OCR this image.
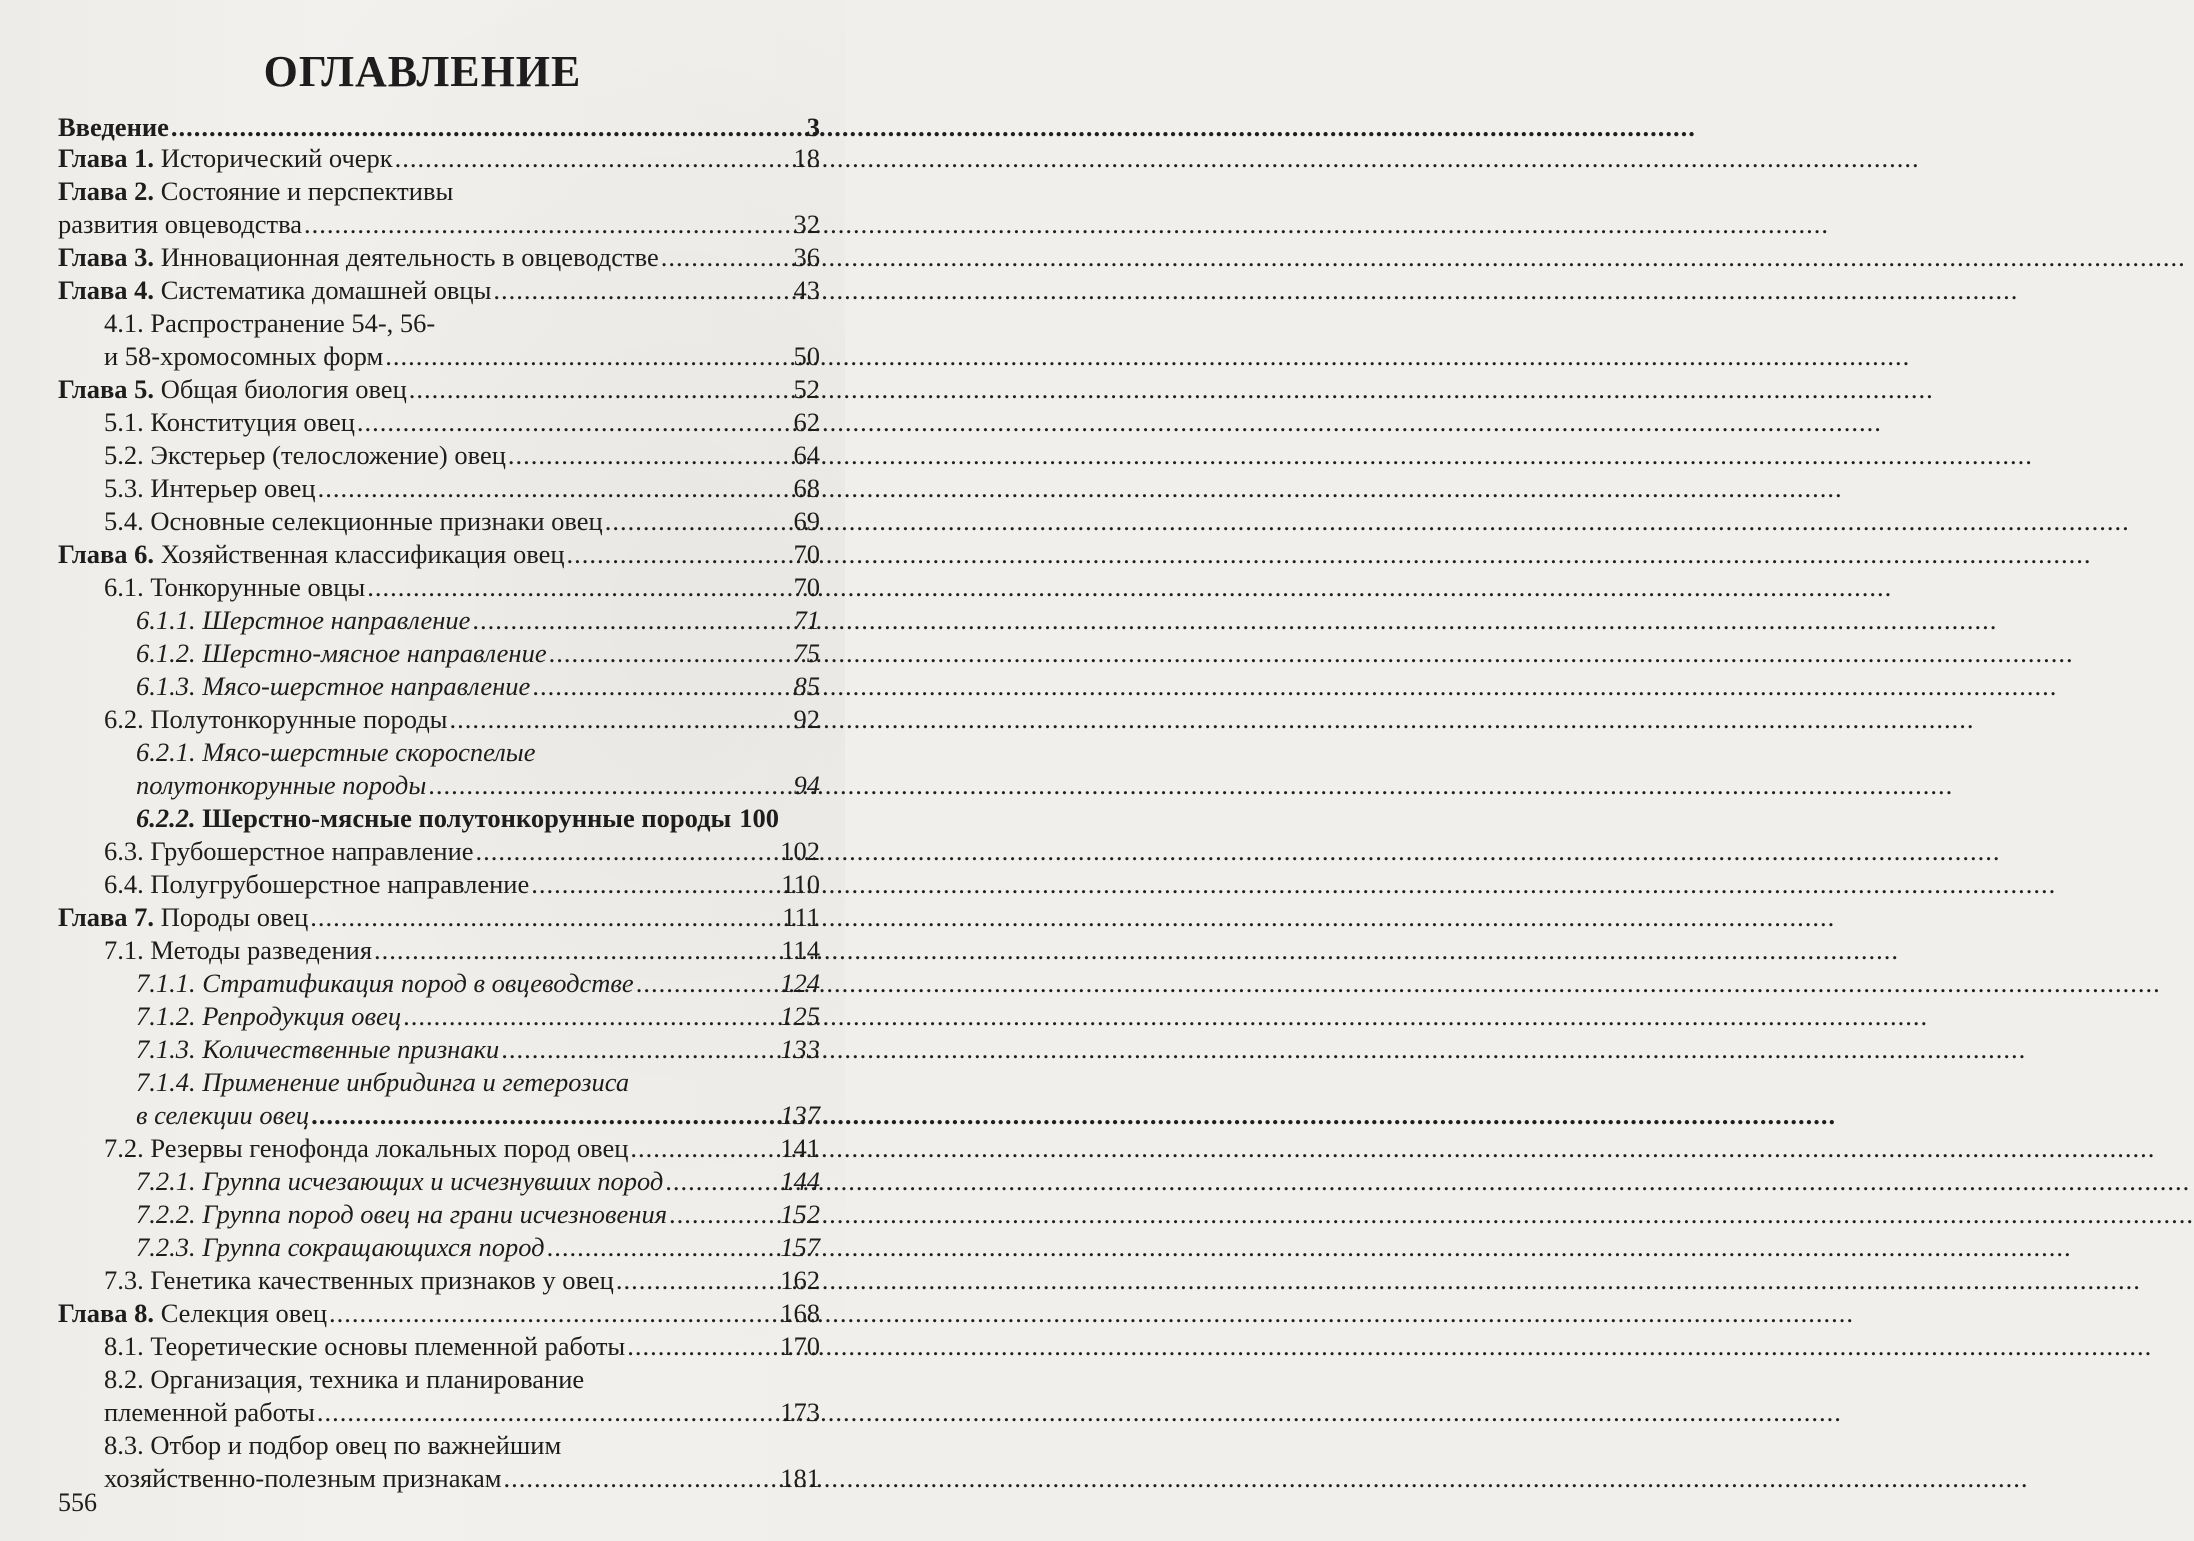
ОГЛАВЛЕНИЕ
Введение .....	3
Глава 1. Исторический очерк .....	18
Глава 2. Состояние и перспективы
развития овцеводства .....	32
Глава 3. Инновационная деятельность в овцеводстве .....	36
Глава 4. Систематика домашней овцы .....	43
4.1. Распространение 54-, 56-
и 58-хромосомных форм .....	50
Глава 5. Общая биология овец .....	52
5.1. Конституция овец .....	62
5.2. Экстерьер (телосложение) овец .....	64
5.3. Интерьер овец .....	68
5.4. Основные селекционные признаки овец .....	69
Глава 6. Хозяйственная классификация овец .....	70
6.1. Тонкорунные овцы .....	70
6.1.1. Шерстное направление .....	71
6.1.2. Шерстно-мясное направление .....	75
6.1.3. Мясо-шерстное направление .....	85
6.2. Полутонкорунные породы .....	92
6.2.1. Мясо-шерстные скороспелые
полутонкорунные породы .....	94
6.2.2. Шерстно-мясные полутонкорунные породы 100
6.3. Грубошерстное направление .....	102
6.4. Полугрубошерстное направление .....	110
Глава 7. Породы овец .....	111
7.1. Методы разведения .....	114
7.1.1. Стратификация пород в овцеводстве .....	124
7.1.2. Репродукция овец .....	125
7.1.3. Количественные признаки .....	133
7.1.4. Применение инбридинга и гетерозиса
в селекции овец .....	137
7.2. Резервы генофонда локальных пород овец .....	141
7.2.1. Группа исчезающих и исчезнувших пород .....	144
7.2.2. Группа пород овец на грани исчезновения .....	152
7.2.3. Группа сокращающихся пород .....	157
7.3. Генетика качественных признаков у овец .....	162
Глава 8. Селекция овец .....	168
8.1. Теоретические основы племенной работы .....	170
8.2. Организация, техника и планирование
племенной работы .....	173
8.3. Отбор и подбор овец по важнейшим
хозяйственно-полезным признакам .....	181
556
